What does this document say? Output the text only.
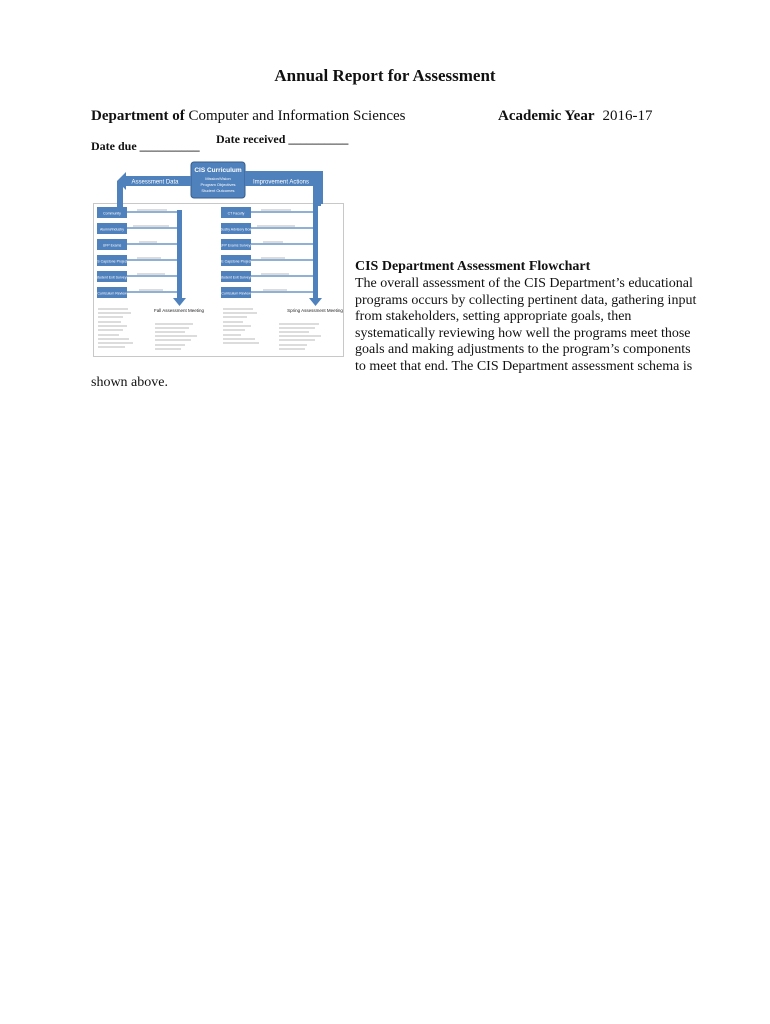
Annual Report for Assessment
Department of Computer and Information Sciences	Academic Year 2016-17
Date due __________ Date received __________
CIS Curriculum
Mission/Vision
Program Objectives
Student Outcomes
Assessment Data	Improvement Actions
Community
Alumni/Industry
UFP Exams
CS Capstone Projects
Student Exit Surveys
Curriculum Review
Fall Assessment Meeting
CT Faculty
Industry Advisory Board
UFP Exams Surveys
CE Capstone Projects
Student Exit Surveys
Curriculum Review
Spring Assessment Meeting
CIS Department Assessment Flowchart
The overall assessment of the CIS Department’s educational
programs occurs by collecting pertinent data, gathering input
from stakeholders, setting appropriate goals, then
systematically reviewing how well the programs meet those
goals and making adjustments to the program’s components
to meet that end. The CIS Department assessment schema is
shown above.
